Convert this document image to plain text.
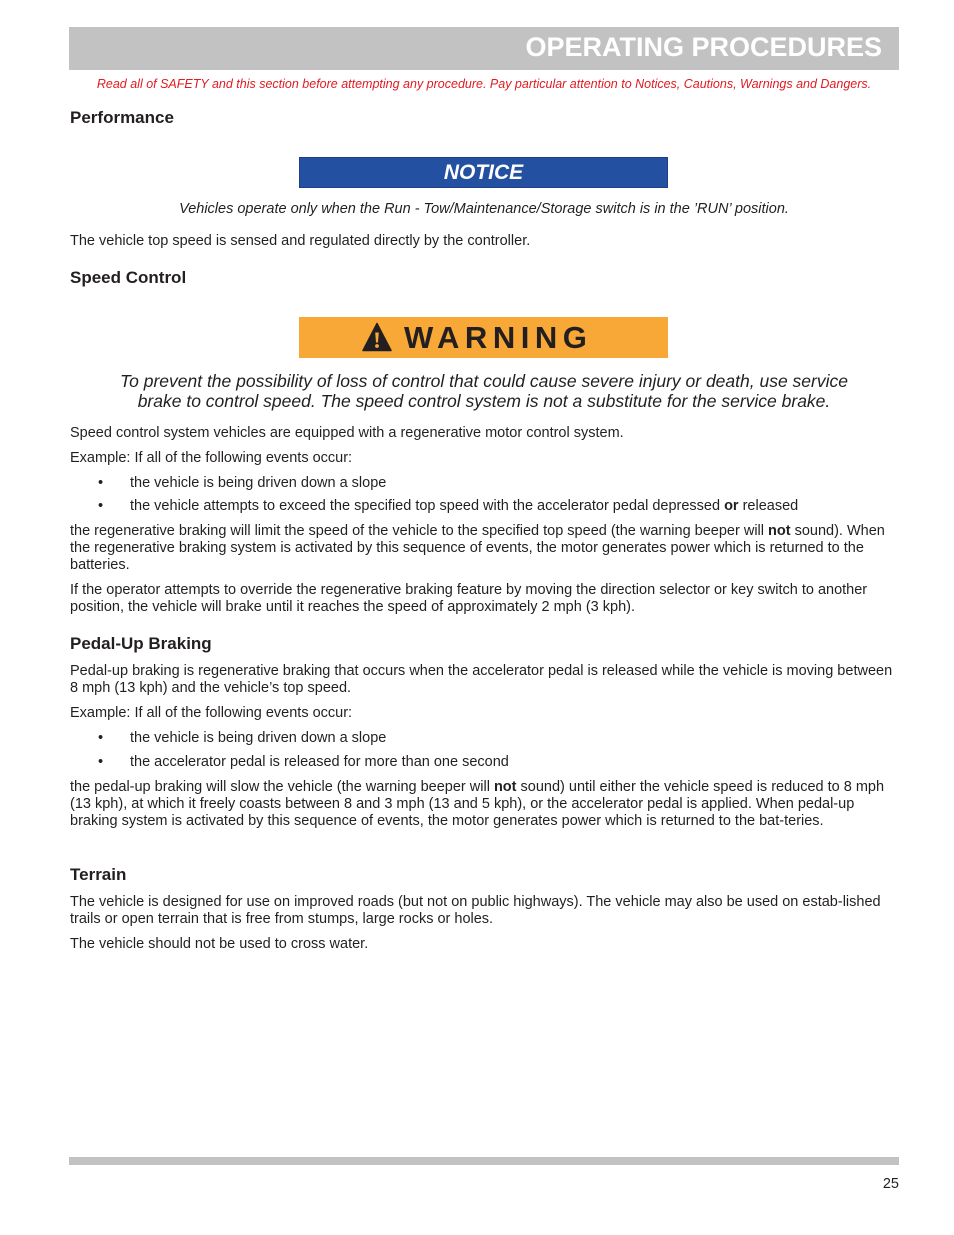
OPERATING PROCEDURES
Read all of SAFETY and this section before attempting any procedure. Pay particular attention to Notices, Cautions, Warnings and Dangers.
Performance
NOTICE
Vehicles operate only when the Run - Tow/Maintenance/Storage switch is in the ’RUN’ position.
The vehicle top speed is sensed and regulated directly by the controller.
Speed Control
WARNING
To prevent the possibility of loss of control that could cause severe injury or death, use service
brake to control speed. The speed control system is not a substitute for the service brake.
Speed control system vehicles are equipped with a regenerative motor control system.
Example: If all of the following events occur:
• the vehicle is being driven down a slope
• the vehicle attempts to exceed the specified top speed with the accelerator pedal depressed or released
the regenerative braking will limit the speed of the vehicle to the specified top speed (the warning beeper will not sound). When the regenerative braking system is activated by this sequence of events, the motor generates power which is returned to the batteries.
If the operator attempts to override the regenerative braking feature by moving the direction selector or key switch to another position, the vehicle will brake until it reaches the speed of approximately 2 mph (3 kph).
Pedal-Up Braking
Pedal-up braking is regenerative braking that occurs when the accelerator pedal is released while the vehicle is moving between 8 mph (13 kph) and the vehicle’s top speed.
Example: If all of the following events occur:
• the vehicle is being driven down a slope
• the accelerator pedal is released for more than one second
the pedal-up braking will slow the vehicle (the warning beeper will not sound) until either the vehicle speed is reduced to 8 mph (13 kph), at which it freely coasts between 8 and 3 mph (13 and 5 kph), or the accelerator pedal is applied. When pedal-up braking system is activated by this sequence of events, the motor generates power which is returned to the bat-teries.
Terrain
The vehicle is designed for use on improved roads (but not on public highways). The vehicle may also be used on estab-lished trails or open terrain that is free from stumps, large rocks or holes.
The vehicle should not be used to cross water.
25
